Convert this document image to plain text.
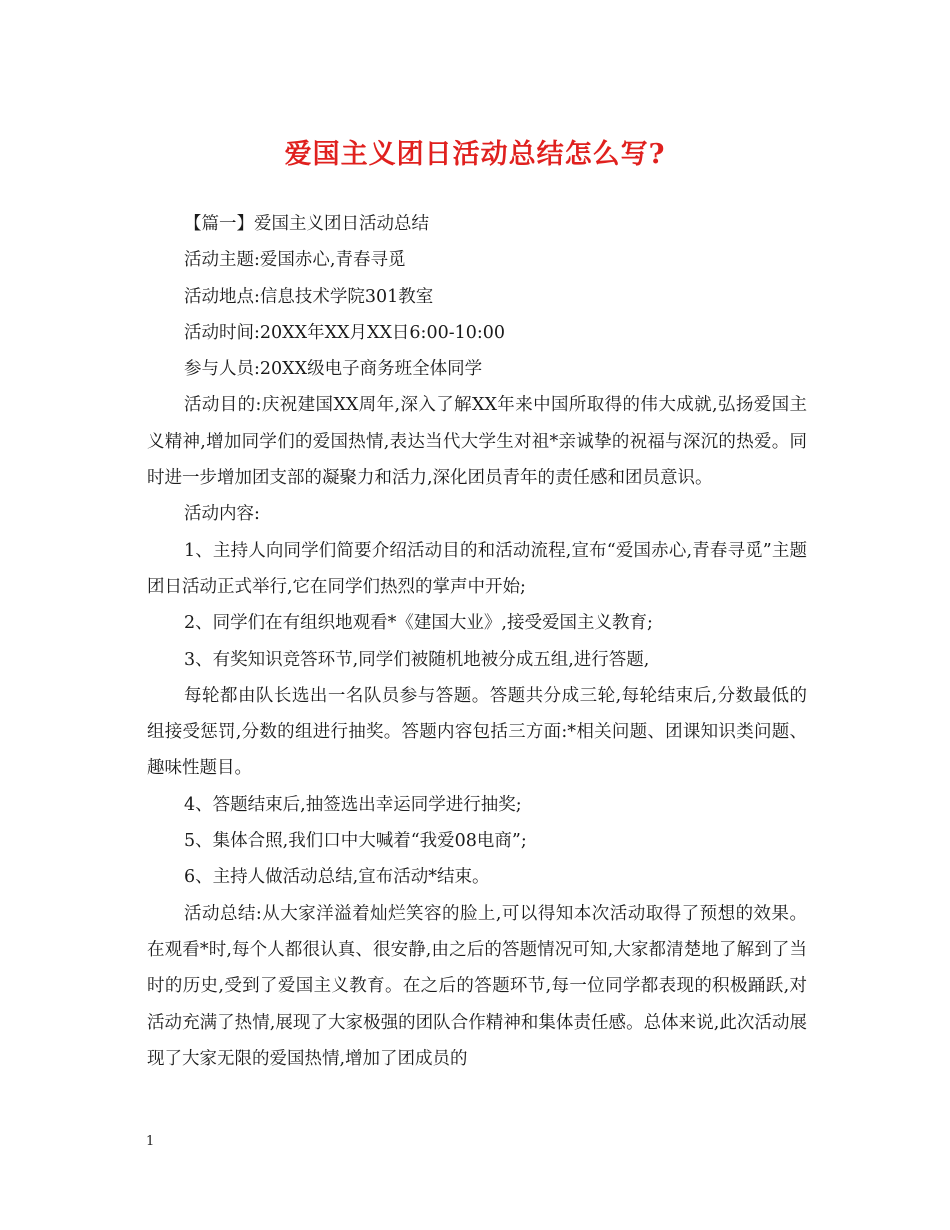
爱国主义团日活动总结怎么写?

【篇一】爱国主义团日活动总结

活动主题:爱国赤心,青春寻觅

活动地点:信息技术学院301教室

活动时间:20XX年XX月XX日6:00-10:00

参与人员:20XX级电子商务班全体同学

活动目的:庆祝建国XX周年,深入了解XX年来中国所取得的伟大成就,弘扬爱国主义精神,增加同学们的爱国热情,表达当代大学生对祖*亲诚挚的祝福与深沉的热爱。同时进一步增加团支部的凝聚力和活力,深化团员青年的责任感和团员意识。

活动内容:

1、主持人向同学们简要介绍活动目的和活动流程,宣布“爱国赤心,青春寻觅”主题团日活动正式举行,它在同学们热烈的掌声中开始;

2、同学们在有组织地观看*《建国大业》,接受爱国主义教育;

3、有奖知识竞答环节,同学们被随机地被分成五组,进行答题,

每轮都由队长选出一名队员参与答题。答题共分成三轮,每轮结束后,分数最低的组接受惩罚,分数的组进行抽奖。答题内容包括三方面:*相关问题、团课知识类问题、趣味性题目。

4、答题结束后,抽签选出幸运同学进行抽奖;

5、集体合照,我们口中大喊着“我爱08电商”;

6、主持人做活动总结,宣布活动*结束。

活动总结:从大家洋溢着灿烂笑容的脸上,可以得知本次活动取得了预想的效果。在观看*时,每个人都很认真、很安静,由之后的答题情况可知,大家都清楚地了解到了当时的历史,受到了爱国主义教育。在之后的答题环节,每一位同学都表现的积极踊跃,对活动充满了热情,展现了大家极强的团队合作精神和集体责任感。总体来说,此次活动展现了大家无限的爱国热情,增加了团成员的

1
